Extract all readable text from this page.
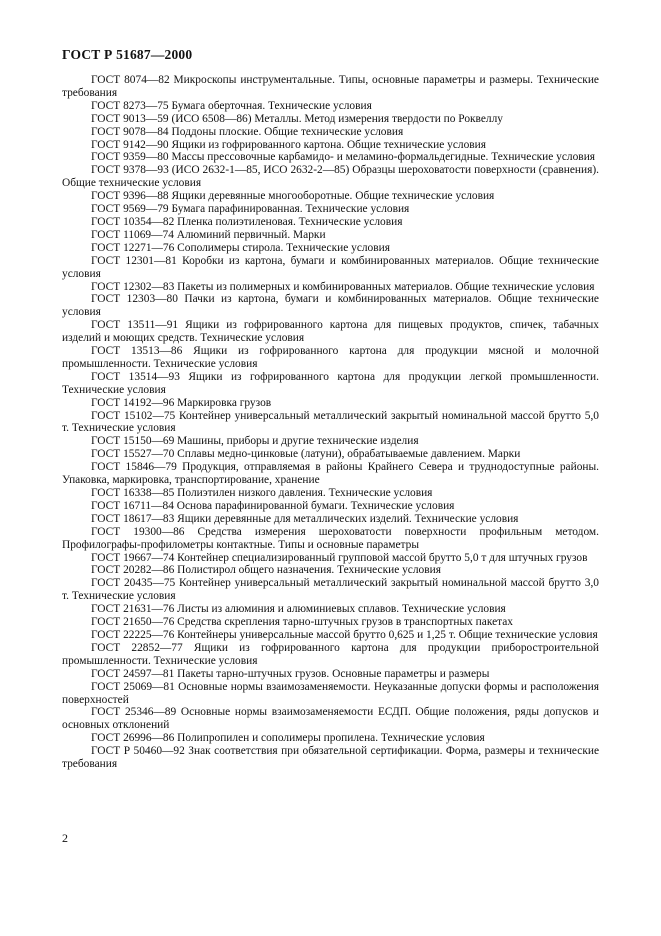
ГОСТ Р 51687—2000

ГОСТ 8074—82 Микроскопы инструментальные. Типы, основные параметры и размеры. Технические требования

ГОСТ 8273—75 Бумага оберточная. Технические условия

ГОСТ 9013—59 (ИСО 6508—86) Металлы. Метод измерения твердости по Роквеллу

ГОСТ 9078—84 Поддоны плоские. Общие технические условия

ГОСТ 9142—90 Ящики из гофрированного картона. Общие технические условия

ГОСТ 9359—80 Массы прессовочные карбамидо- и меламино-формальдегидные. Технические условия

ГОСТ 9378—93 (ИСО 2632-1—85, ИСО 2632-2—85) Образцы шероховатости поверхности (сравнения). Общие технические условия

ГОСТ 9396—88 Ящики деревянные многооборотные. Общие технические условия

ГОСТ 9569—79 Бумага парафинированная. Технические условия

ГОСТ 10354—82 Пленка полиэтиленовая. Технические условия

ГОСТ 11069—74 Алюминий первичный. Марки

ГОСТ 12271—76 Сополимеры стирола. Технические условия

ГОСТ 12301—81 Коробки из картона, бумаги и комбинированных материалов. Общие технические условия

ГОСТ 12302—83 Пакеты из полимерных и комбинированных материалов. Общие технические условия

ГОСТ 12303—80 Пачки из картона, бумаги и комбинированных материалов. Общие технические условия

ГОСТ 13511—91 Ящики из гофрированного картона для пищевых продуктов, спичек, табачных изделий и моющих средств. Технические условия

ГОСТ 13513—86 Ящики из гофрированного картона для продукции мясной и молочной промышленности. Технические условия

ГОСТ 13514—93 Ящики из гофрированного картона для продукции легкой промышленности. Технические условия

ГОСТ 14192—96 Маркировка грузов

ГОСТ 15102—75 Контейнер универсальный металлический закрытый номинальной массой брутто 5,0 т. Технические условия

ГОСТ 15150—69 Машины, приборы и другие технические изделия

ГОСТ 15527—70 Сплавы медно-цинковые (латуни), обрабатываемые давлением. Марки

ГОСТ 15846—79 Продукция, отправляемая в районы Крайнего Севера и труднодоступные районы. Упаковка, маркировка, транспортирование, хранение

ГОСТ 16338—85 Полиэтилен низкого давления. Технические условия

ГОСТ 16711—84 Основа парафинированной бумаги. Технические условия

ГОСТ 18617—83 Ящики деревянные для металлических изделий. Технические условия

ГОСТ 19300—86 Средства измерения шероховатости поверхности профильным методом. Профилографы-профилометры контактные. Типы и основные параметры

ГОСТ 19667—74 Контейнер специализированный групповой массой брутто 5,0 т для штучных грузов

ГОСТ 20282—86 Полистирол общего назначения. Технические условия

ГОСТ 20435—75 Контейнер универсальный металлический закрытый номинальной массой брутто 3,0 т. Технические условия

ГОСТ 21631—76 Листы из алюминия и алюминиевых сплавов. Технические условия

ГОСТ 21650—76 Средства скрепления тарно-штучных грузов в транспортных пакетах

ГОСТ 22225—76 Контейнеры универсальные массой брутто 0,625 и 1,25 т. Общие технические условия

ГОСТ 22852—77 Ящики из гофрированного картона для продукции приборостроительной промышленности. Технические условия

ГОСТ 24597—81 Пакеты тарно-штучных грузов. Основные параметры и размеры

ГОСТ 25069—81 Основные нормы взаимозаменяемости. Неуказанные допуски формы и расположения поверхностей

ГОСТ 25346—89 Основные нормы взаимозаменяемости ЕСДП. Общие положения, ряды допусков и основных отклонений

ГОСТ 26996—86 Полипропилен и сополимеры пропилена. Технические условия

ГОСТ Р 50460—92 Знак соответствия при обязательной сертификации. Форма, размеры и технические требования

2
